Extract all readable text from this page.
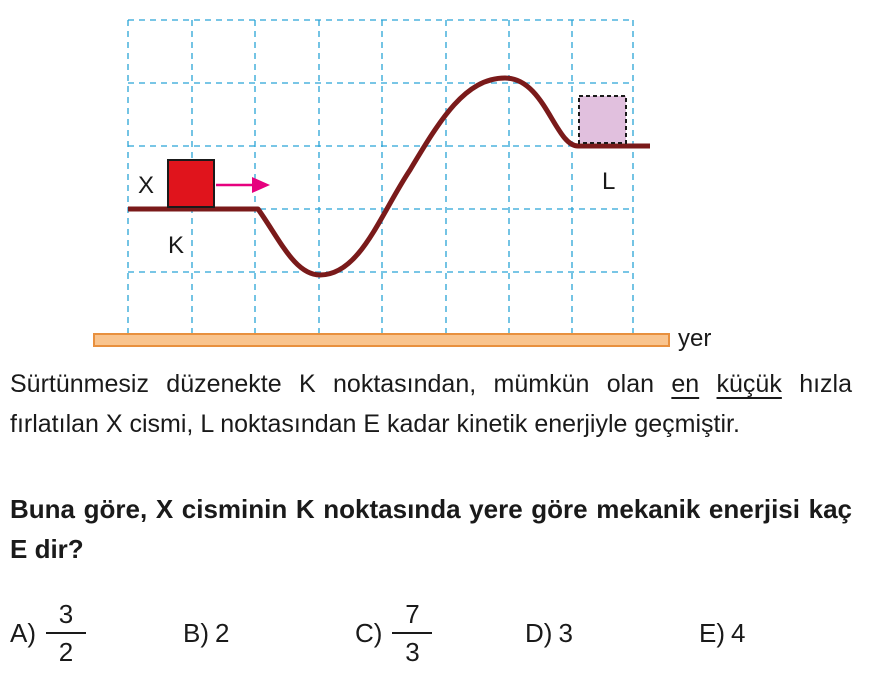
yer
X
K
L
Sürtünmesiz düzenekte K noktasından, mümkün olan en küçük hızla fırlatılan X cismi, L noktasından E kadar kinetik enerjiyle geçmiştir.
Buna göre, X cisminin K noktasında yere göre mekanik enerjisi kaç E dir?
$A) \frac{3}{2}$	B) 2	$C) \frac{7}{3}$	D) 3	E) 4
